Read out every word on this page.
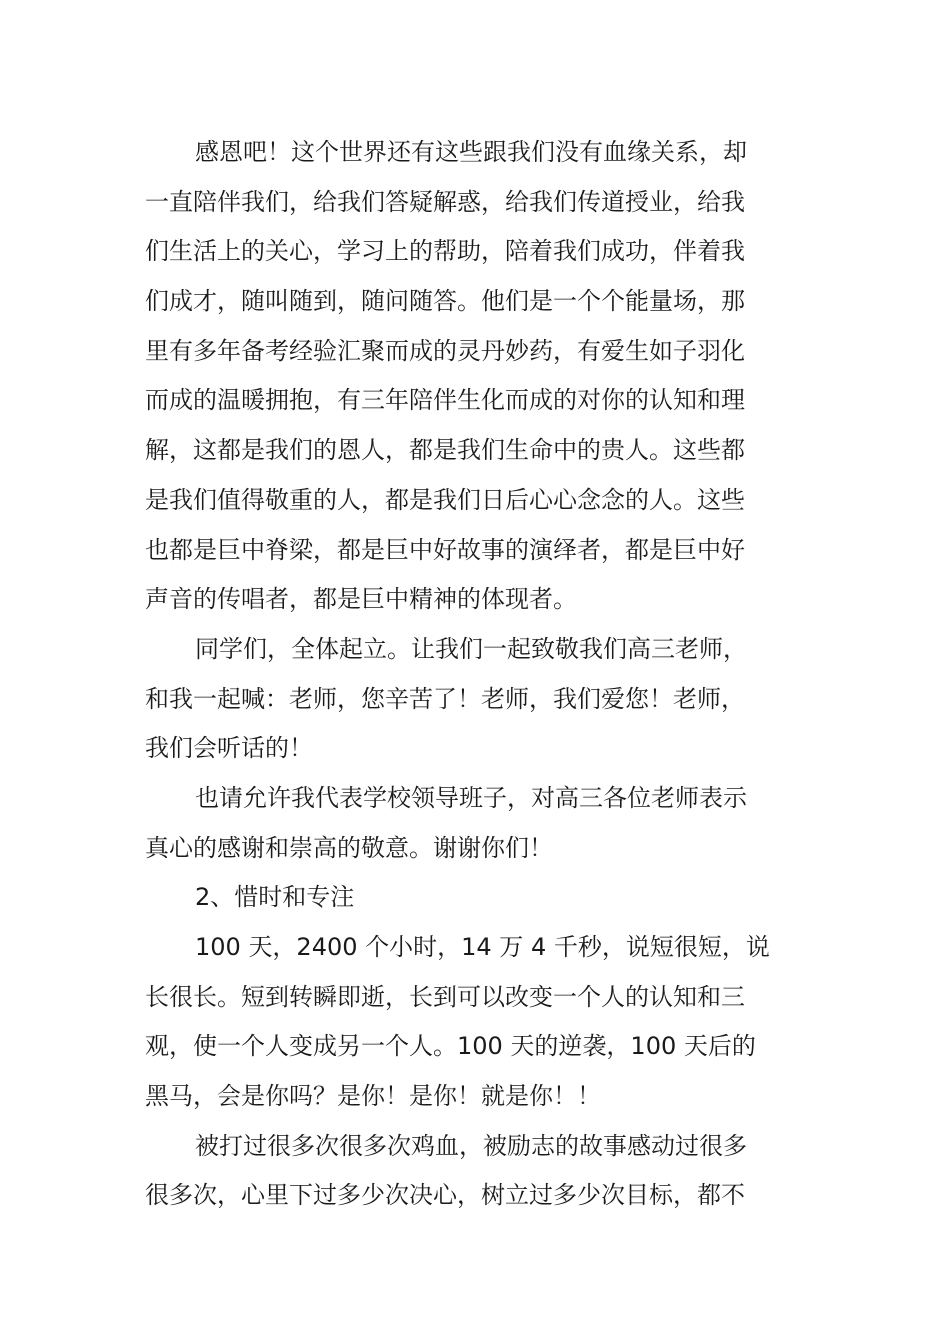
感恩吧！这个世界还有这些跟我们没有血缘关系，却
一直陪伴我们，给我们答疑解惑，给我们传道授业，给我
们生活上的关心，学习上的帮助，陪着我们成功，伴着我
们成才，随叫随到，随问随答。他们是一个个能量场，那
里有多年备考经验汇聚而成的灵丹妙药，有爱生如子羽化
而成的温暖拥抱，有三年陪伴生化而成的对你的认知和理
解，这都是我们的恩人，都是我们生命中的贵人。这些都
是我们值得敬重的人，都是我们日后心心念念的人。这些
也都是巨中脊梁，都是巨中好故事的演绎者，都是巨中好
声音的传唱者，都是巨中精神的体现者。
同学们，全体起立。让我们一起致敬我们高三老师，
和我一起喊：老师，您辛苦了！老师，我们爱您！老师，
我们会听话的！
也请允许我代表学校领导班子，对高三各位老师表示
真心的感谢和崇高的敬意。谢谢你们！
2、惜时和专注
100 天，2400 个小时，14 万 4 千秒，说短很短，说
长很长。短到转瞬即逝，长到可以改变一个人的认知和三
观，使一个人变成另一个人。100 天的逆袭，100 天后的
黑马，会是你吗？是你！是你！就是你！！
被打过很多次很多次鸡血，被励志的故事感动过很多
很多次，心里下过多少次决心，树立过多少次目标，都不
